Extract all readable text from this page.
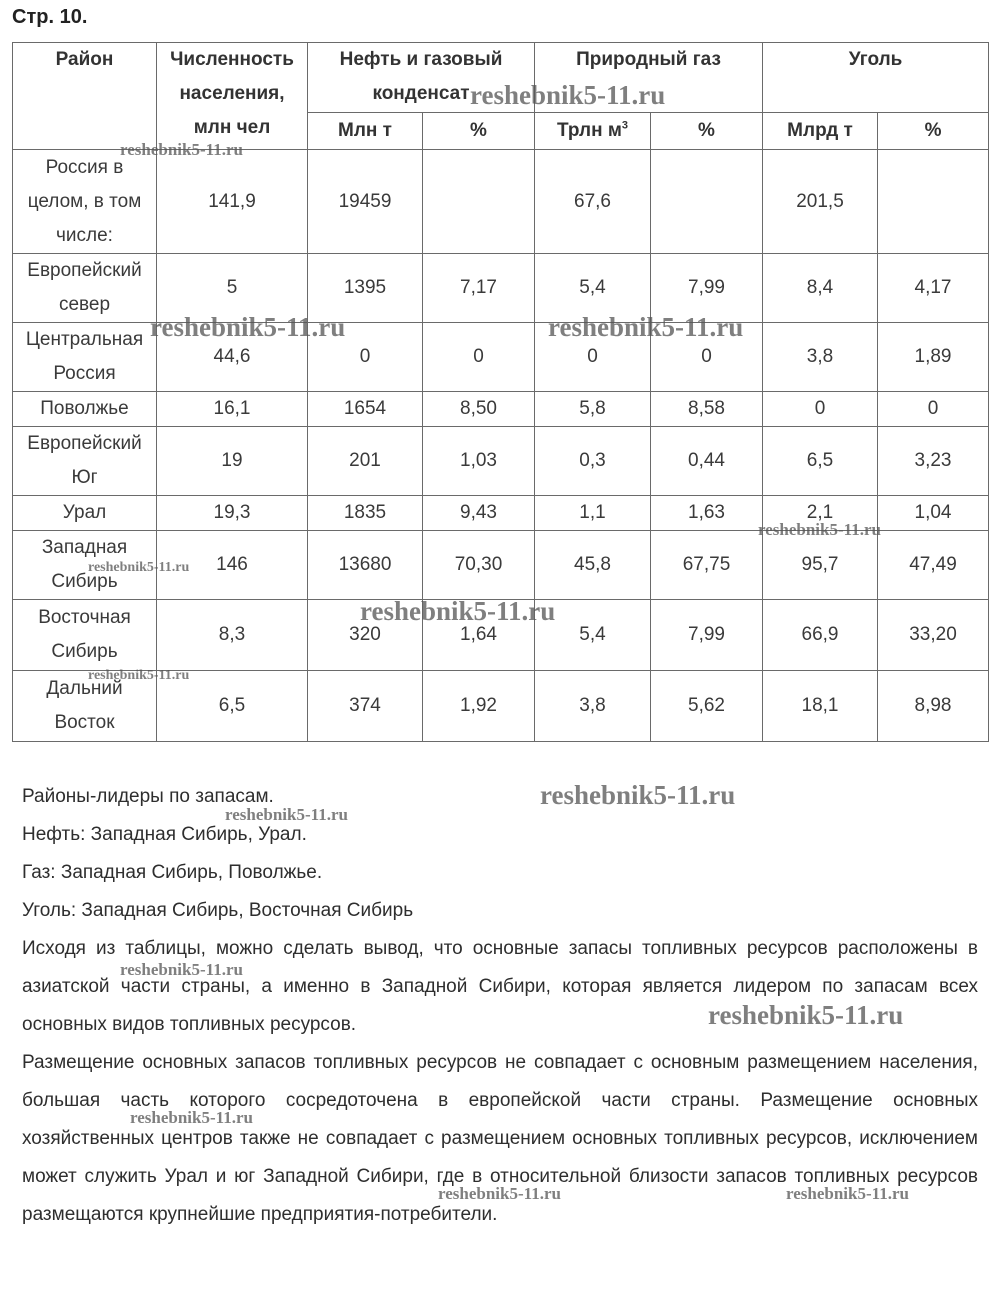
Стр. 10.
Район	Численность населения, млн чел	Нефть и газовый конденсат		Природный газ		Уголь	
		Млн т	%	Трлн $м^3$	%	Млрд т	%
Россия в целом, в том числе:	141,9	19459		67,6		201,5	
Европейский север	5	1395	7,17	5,4	7,99	8,4	4,17
Центральная Россия	44,6	0	0	0	0	3,8	1,89
Поволжье	16,1	1654	8,50	5,8	8,58	0	0
Европейский Юг	19	201	1,03	0,3	0,44	6,5	3,23
Урал	19,3	1835	9,43	1,1	1,63	2,1	1,04
Западная Сибирь	146	13680	70,30	45,8	67,75	95,7	47,49
Восточная Сибирь	8,3	320	1,64	5,4	7,99	66,9	33,20
Дальний Восток	6,5	374	1,92	3,8	5,62	18,1	8,98

Районы-лидеры по запасам.

Нефть: Западная Сибирь, Урал.

Газ: Западная Сибирь, Поволжье.

Уголь: Западная Сибирь, Восточная Сибирь

Исходя из таблицы, можно сделать вывод, что основные запасы топливных ресурсов расположены в азиатской части страны, а именно в Западной Сибири, которая является лидером по запасам всех основных видов топливных ресурсов.

Размещение основных запасов топливных ресурсов не совпадает с основным размещением населения, большая часть которого сосредоточена в европейской части страны. Размещение основных хозяйственных центров также не совпадает с размещением основных топливных ресурсов, исключением может служить Урал и юг Западной Сибири, где в относительной близости запасов топливных ресурсов размещаются крупнейшие предприятия-потребители.

reshebnik5-11.ru
reshebnik5-11.ru
reshebnik5-11.ru	reshebnik5-11.ru
reshebnik5-11.ru
reshebnik5-11.ru
reshebnik5-11.ru
reshebnik5-11.ru
reshebnik5-11.ru
reshebnik5-11.ru
reshebnik5-11.ru
reshebnik5-11.ru
reshebnik5-11.ru
reshebnik5-11.ru	reshebnik5-11.ru
